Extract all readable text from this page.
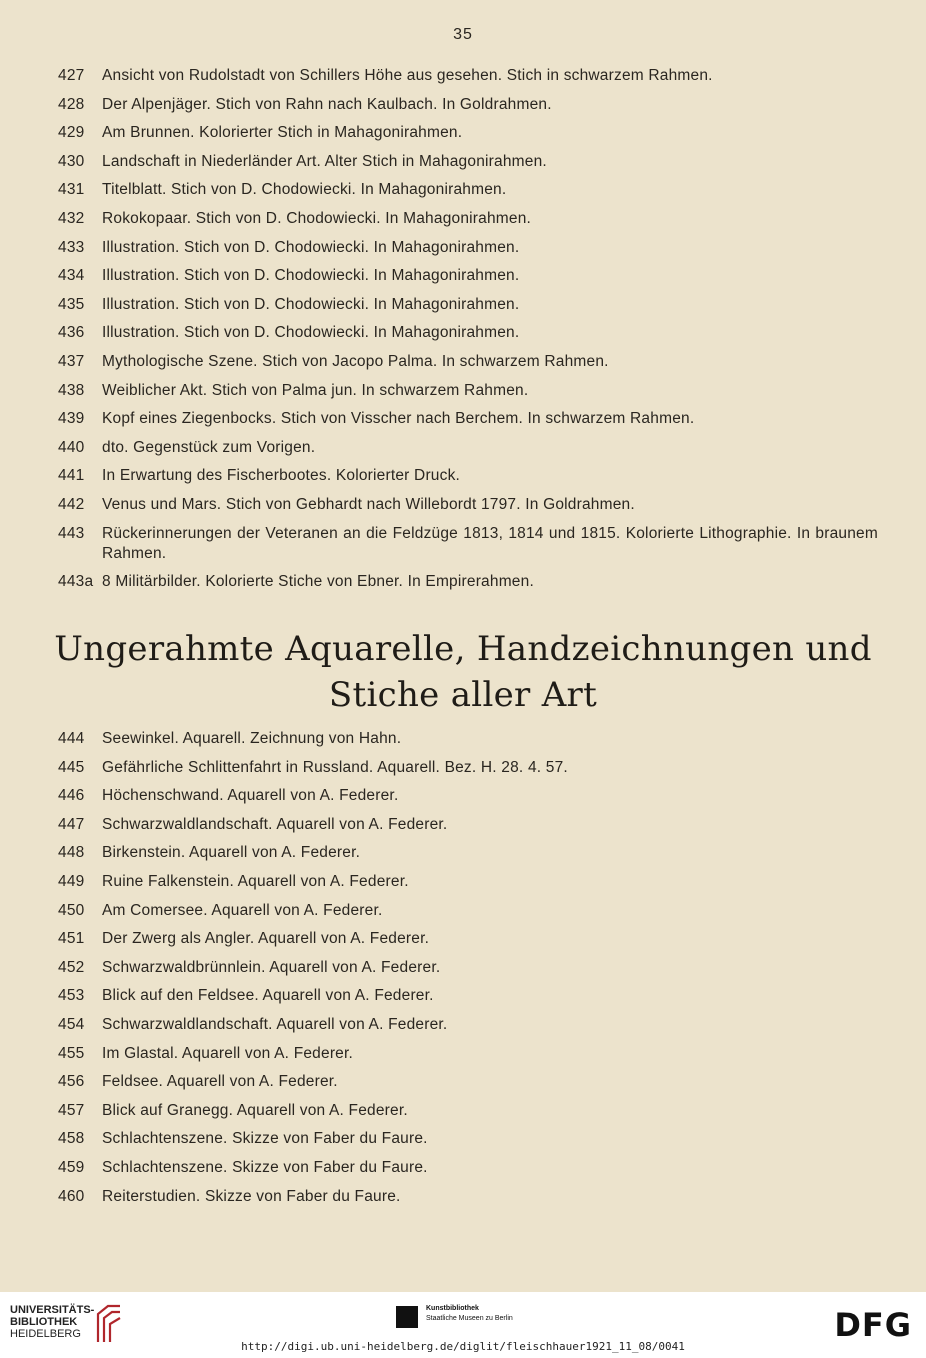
35
427	Ansicht von Rudolstadt von Schillers Höhe aus gesehen. Stich in schwarzem Rahmen.
428	Der Alpenjäger. Stich von Rahn nach Kaulbach. In Goldrahmen.
429	Am Brunnen. Kolorierter Stich in Mahagonirahmen.
430	Landschaft in Niederländer Art. Alter Stich in Mahagonirahmen.
431	Titelblatt. Stich von D. Chodowiecki. In Mahagonirahmen.
432	Rokokopaar. Stich von D. Chodowiecki. In Mahagonirahmen.
433	Illustration. Stich von D. Chodowiecki. In Mahagonirahmen.
434	Illustration. Stich von D. Chodowiecki. In Mahagonirahmen.
435	Illustration. Stich von D. Chodowiecki. In Mahagonirahmen.
436	Illustration. Stich von D. Chodowiecki. In Mahagonirahmen.
437	Mythologische Szene. Stich von Jacopo Palma. In schwarzem Rahmen.
438	Weiblicher Akt. Stich von Palma jun. In schwarzem Rahmen.
439	Kopf eines Ziegenbocks. Stich von Visscher nach Berchem. In schwarzem Rahmen.
440	dto. Gegenstück zum Vorigen.
441	In Erwartung des Fischerbootes. Kolorierter Druck.
442	Venus und Mars. Stich von Gebhardt nach Willebordt 1797. In Goldrahmen.
443	Rückerinnerungen der Veteranen an die Feldzüge 1813, 1814 und 1815. Kolorierte Lithographie. In braunem Rahmen.
443a 8 Militärbilder. Kolorierte Stiche von Ebner. In Empirerahmen.
Ungerahmte Aquarelle, Handzeichnungen und
Stiche aller Art
444	Seewinkel. Aquarell. Zeichnung von Hahn.
445	Gefährliche Schlittenfahrt in Russland. Aquarell. Bez. H. 28. 4. 57.
446	Höchenschwand. Aquarell von A. Federer.
447	Schwarzwaldlandschaft. Aquarell von A. Federer.
448	Birkenstein. Aquarell von A. Federer.
449	Ruine Falkenstein. Aquarell von A. Federer.
450	Am Comersee. Aquarell von A. Federer.
451	Der Zwerg als Angler. Aquarell von A. Federer.
452	Schwarzwaldbrünnlein. Aquarell von A. Federer.
453	Blick auf den Feldsee. Aquarell von A. Federer.
454	Schwarzwaldlandschaft. Aquarell von A. Federer.
455	Im Glastal. Aquarell von A. Federer.
456	Feldsee. Aquarell von A. Federer.
457	Blick auf Granegg. Aquarell von A. Federer.
458	Schlachtenszene. Skizze von Faber du Faure.
459	Schlachtenszene. Skizze von Faber du Faure.
460	Reiterstudien. Skizze von Faber du Faure.
UNIVERSITÄTS-
BIBLIOTHEK
HEIDELBERG
Kunstbibliothek
Staatliche Museen zu Berlin	DFG
http://digi.ub.uni-heidelberg.de/diglit/fleischhauer1921_11_08/0041
